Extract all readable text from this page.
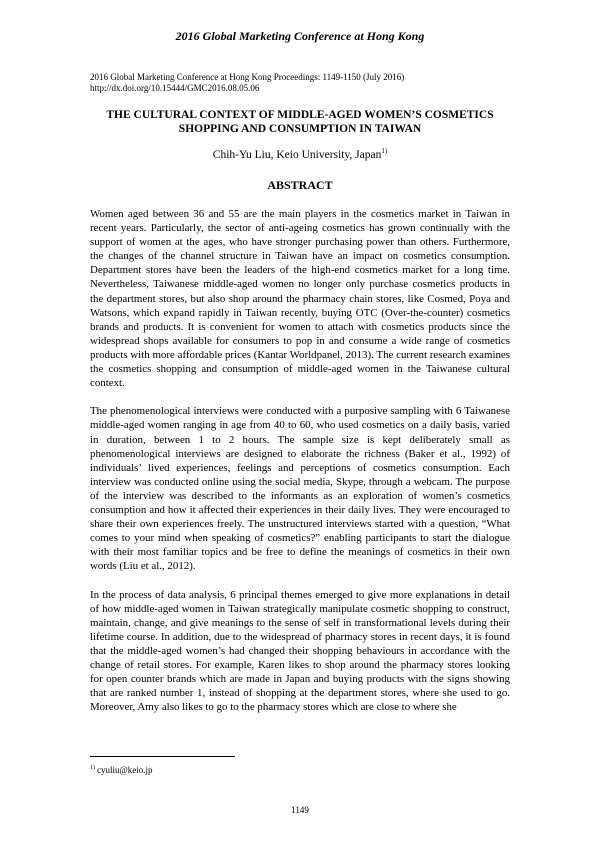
2016 Global Marketing Conference at Hong Kong
2016 Global Marketing Conference at Hong Kong Proceedings: 1149-1150 (July 2016)
http://dx.doi.org/10.15444/GMC2016.08.05.06
THE CULTURAL CONTEXT OF MIDDLE-AGED WOMEN’S COSMETICS
SHOPPING AND CONSUMPTION IN TAIWAN
Chih-Yu Liu, Keio University, Japan$^{1)}$
ABSTRACT

Women aged between 36 and 55 are the main players in the cosmetics market in Taiwan in recent years. Particularly, the sector of anti-ageing cosmetics has grown continually with the support of women at the ages, who have stronger purchasing power than others. Furthermore, the changes of the channel structure in Taiwan have an impact on cosmetics consumption. Department stores have been the leaders of the high-end cosmetics market for a long time. Nevertheless, Taiwanese middle-aged women no longer only purchase cosmetics products in the department stores, but also shop around the pharmacy chain stores, like Cosmed, Poya and Watsons, which expand rapidly in Taiwan recently, buying OTC (Over-the-counter) cosmetics brands and products. It is convenient for women to attach with cosmetics products since the widespread shops available for consumers to pop in and consume a wide range of cosmetics products with more affordable prices (Kantar Worldpanel, 2013). The current research examines the cosmetics shopping and consumption of middle-aged women in the Taiwanese cultural context.

The phenomenological interviews were conducted with a purposive sampling with 6 Taiwanese middle-aged women ranging in age from 40 to 60, who used cosmetics on a daily basis, varied in duration, between 1 to 2 hours. The sample size is kept deliberately small as phenomenological interviews are designed to elaborate the richness (Baker et al., 1992) of individuals’ lived experiences, feelings and perceptions of cosmetics consumption. Each interview was conducted online using the social media, Skype, through a webcam. The purpose of the interview was described to the informants as an exploration of women’s cosmetics consumption and how it affected their experiences in their daily lives. They were encouraged to share their own experiences freely. The unstructured interviews started with a question, “What comes to your mind when speaking of cosmetics?” enabling participants to start the dialogue with their most familiar topics and be free to define the meanings of cosmetics in their own words (Liu et al., 2012).

In the process of data analysis, 6 principal themes emerged to give more explanations in detail of how middle-aged women in Taiwan strategically manipulate cosmetic shopping to construct, maintain, change, and give meanings to the sense of self in transformational levels during their lifetime course. In addition, due to the widespread of pharmacy stores in recent days, it is found that the middle-aged women’s had changed their shopping behaviours in accordance with the change of retail stores. For example, Karen likes to shop around the pharmacy stores looking for open counter brands which are made in Japan and buying products with the signs showing that are ranked number 1, instead of shopping at the department stores, where she used to go. Moreover, Amy also likes to go to the pharmacy stores which are close to where she

$^{1)}$ cyuliu@keio.jp
1149
